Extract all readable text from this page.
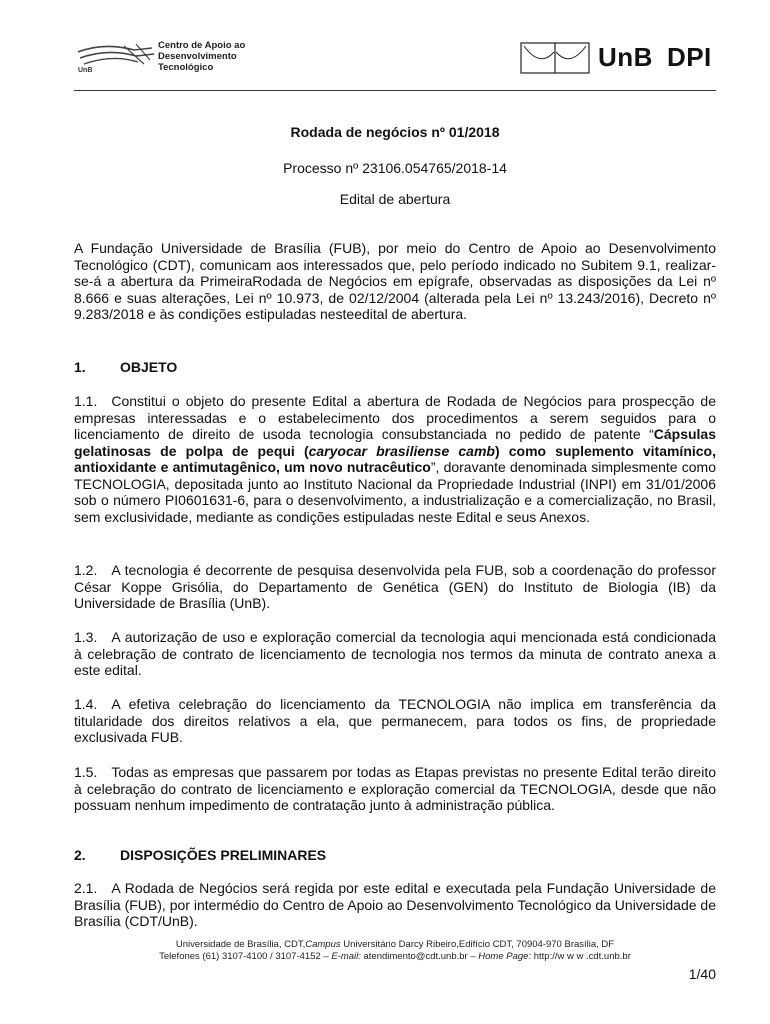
UnB
Centro de Apoio ao
Desenvolvimento
Tecnológico	UnB DPI
Rodada de negócios nº 01/2018
Processo nº 23106.054765/2018-14
Edital de abertura
A Fundação Universidade de Brasília (FUB), por meio do Centro de Apoio ao Desenvolvimento Tecnológico (CDT), comunicam aos interessados que, pelo período indicado no Subitem 9.1, realizar-se-á a abertura da PrimeiraRodada de Negócios em epígrafe, observadas as disposições da Lei nº 8.666 e suas alterações, Lei nº 10.973, de 02/12/2004 (alterada pela Lei nº 13.243/2016), Decreto nº 9.283/2018 e às condições estipuladas nesteedital de abertura.
1. OBJETO
1.1. Constitui o objeto do presente Edital a abertura de Rodada de Negócios para prospecção de empresas interessadas e o estabelecimento dos procedimentos a serem seguidos para o licenciamento de direito de usoda tecnologia consubstanciada no pedido de patente “Cápsulas gelatinosas de polpa de pequi (caryocar brasiliense camb) como suplemento vitamínico, antioxidante e antimutagênico, um novo nutracêutico”, doravante denominada simplesmente como TECNOLOGIA, depositada junto ao Instituto Nacional da Propriedade Industrial (INPI) em 31/01/2006 sob o número PI0601631-6, para o desenvolvimento, a industrialização e a comercialização, no Brasil, sem exclusividade, mediante as condições estipuladas neste Edital e seus Anexos.
1.2. A tecnologia é decorrente de pesquisa desenvolvida pela FUB, sob a coordenação do professor César Koppe Grisólia, do Departamento de Genética (GEN) do Instituto de Biologia (IB) da Universidade de Brasília (UnB).
1.3. A autorização de uso e exploração comercial da tecnologia aqui mencionada está condicionada à celebração de contrato de licenciamento de tecnologia nos termos da minuta de contrato anexa a este edital.
1.4. A efetiva celebração do licenciamento da TECNOLOGIA não implica em transferência da titularidade dos direitos relativos a ela, que permanecem, para todos os fins, de propriedade exclusivada FUB.
1.5. Todas as empresas que passarem por todas as Etapas previstas no presente Edital terão direito à celebração do contrato de licenciamento e exploração comercial da TECNOLOGIA, desde que não possuam nenhum impedimento de contratação junto à administração pública.
2. DISPOSIÇÕES PRELIMINARES
2.1. A Rodada de Negócios será regida por este edital e executada pela Fundação Universidade de Brasília (FUB), por intermédio do Centro de Apoio ao Desenvolvimento Tecnológico da Universidade de Brasília (CDT/UnB).
Universidade de Brasília, CDT,Campus Universitário Darcy Ribeiro,Edifício CDT, 70904-970 Brasília, DF
Telefones (61) 3107-4100 / 3107-4152 – E-mail: atendimento@cdt.unb.br – Home Page: http://w w w .cdt.unb.br
1/40
